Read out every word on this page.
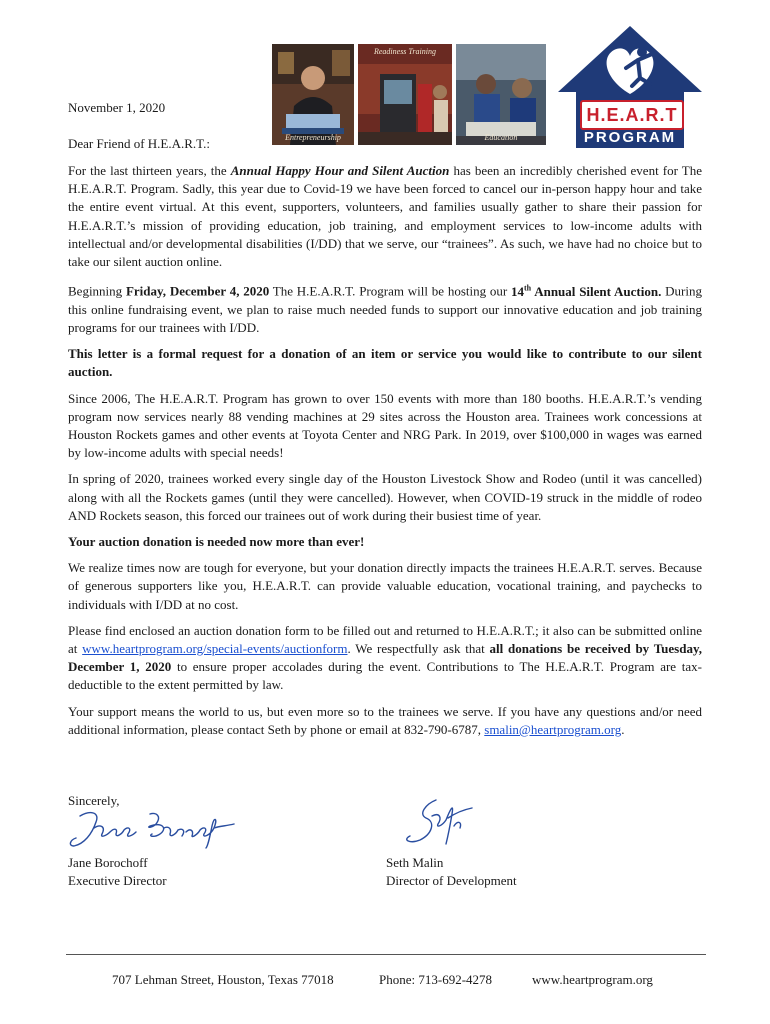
November 1, 2020
Dear Friend of H.E.A.R.T.:	Entrepreneurship
Readiness Training
Education
H.E.A.R.T
PROGRAM

For the last thirteen years, the Annual Happy Hour and Silent Auction has been an incredibly cherished event for The H.E.A.R.T. Program. Sadly, this year due to Covid-19 we have been forced to cancel our in-person happy hour and take the entire event virtual. At this event, supporters, volunteers, and families usually gather to share their passion for H.E.A.R.T.’s mission of providing education, job training, and employment services to low-income adults with intellectual and/or developmental disabilities (I/DD) that we serve, our “trainees”. As such, we have had no choice but to take our silent auction online.

Beginning Friday, December 4, 2020 The H.E.A.R.T. Program will be hosting our 14th Annual Silent Auction. During this online fundraising event, we plan to raise much needed funds to support our innovative education and job training programs for our trainees with I/DD.

This letter is a formal request for a donation of an item or service you would like to contribute to our silent auction.

Since 2006, The H.E.A.R.T. Program has grown to over 150 events with more than 180 booths. H.E.A.R.T.’s vending program now services nearly 88 vending machines at 29 sites across the Houston area. Trainees work concessions at Houston Rockets games and other events at Toyota Center and NRG Park. In 2019, over $100,000 in wages was earned by low-income adults with special needs!

In spring of 2020, trainees worked every single day of the Houston Livestock Show and Rodeo (until it was cancelled) along with all the Rockets games (until they were cancelled). However, when COVID-19 struck in the middle of rodeo AND Rockets season, this forced our trainees out of work during their busiest time of year.

Your auction donation is needed now more than ever!

We realize times now are tough for everyone, but your donation directly impacts the trainees H.E.A.R.T. serves. Because of generous supporters like you, H.E.A.R.T. can provide valuable education, vocational training, and paychecks to individuals with I/DD at no cost.

Please find enclosed an auction donation form to be filled out and returned to H.E.A.R.T.; it also can be submitted online at www.heartprogram.org/special-events/auctionform. We respectfully ask that all donations be received by Tuesday, December 1, 2020 to ensure proper accolades during the event. Contributions to The H.E.A.R.T. Program are tax-deductible to the extent permitted by law.

Your support means the world to us, but even more so to the trainees we serve. If you have any questions and/or need additional information, please contact Seth by phone or email at 832-790-6787, smalin@heartprogram.org.

Sincerely,
Jane Borochoff
Executive Director
Seth Malin
Director of Development
707 Lehman Street, Houston, Texas 77018	Phone: 713-692-4278	www.heartprogram.org
